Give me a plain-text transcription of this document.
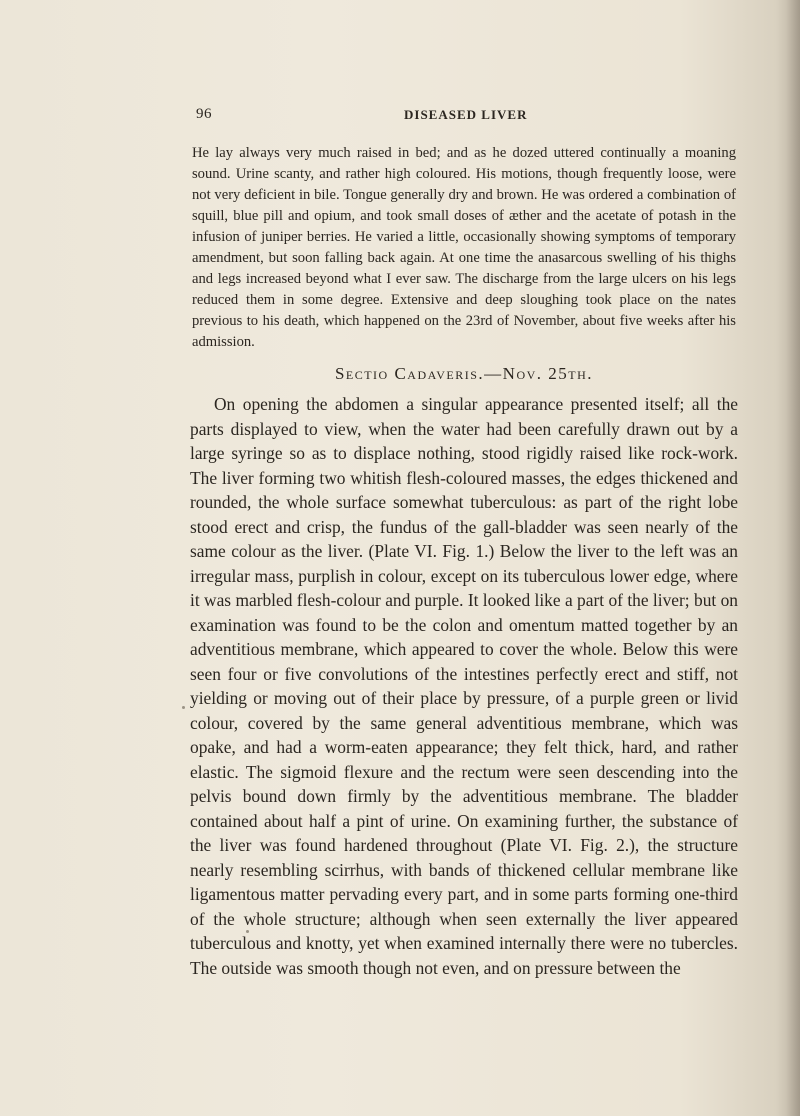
96	DISEASED LIVER

He lay always very much raised in bed; and as he dozed uttered continually a moaning sound. Urine scanty, and rather high coloured. His motions, though frequently loose, were not very deficient in bile. Tongue generally dry and brown. He was ordered a combination of squill, blue pill and opium, and took small doses of æther and the acetate of potash in the infusion of juniper berries. He varied a little, occasionally showing symptoms of temporary amendment, but soon falling back again. At one time the anasarcous swelling of his thighs and legs increased beyond what I ever saw. The discharge from the large ulcers on his legs reduced them in some degree. Extensive and deep sloughing took place on the nates previous to his death, which happened on the 23rd of November, about five weeks after his admission.

Sectio Cadaveris.—Nov. 25th.

On opening the abdomen a singular appearance presented itself; all the parts displayed to view, when the water had been carefully drawn out by a large syringe so as to displace nothing, stood rigidly raised like rock-work. The liver forming two whitish flesh-coloured masses, the edges thickened and rounded, the whole surface somewhat tuberculous: as part of the right lobe stood erect and crisp, the fundus of the gall-bladder was seen nearly of the same colour as the liver. (Plate VI. Fig. 1.) Below the liver to the left was an irregular mass, purplish in colour, except on its tuberculous lower edge, where it was marbled flesh-colour and purple. It looked like a part of the liver; but on examination was found to be the colon and omentum matted together by an adventitious membrane, which appeared to cover the whole. Below this were seen four or five convolutions of the intestines perfectly erect and stiff, not yielding or moving out of their place by pressure, of a purple green or livid colour, covered by the same general adventitious membrane, which was opake, and had a worm-eaten appearance; they felt thick, hard, and rather elastic. The sigmoid flexure and the rectum were seen descending into the pelvis bound down firmly by the adventitious membrane. The bladder contained about half a pint of urine. On examining further, the substance of the liver was found hardened throughout (Plate VI. Fig. 2.), the structure nearly resembling scirrhus, with bands of thickened cellular membrane like ligamentous matter pervading every part, and in some parts forming one-third of the whole structure; although when seen externally the liver appeared tuberculous and knotty, yet when examined internally there were no tubercles. The outside was smooth though not even, and on pressure between the
